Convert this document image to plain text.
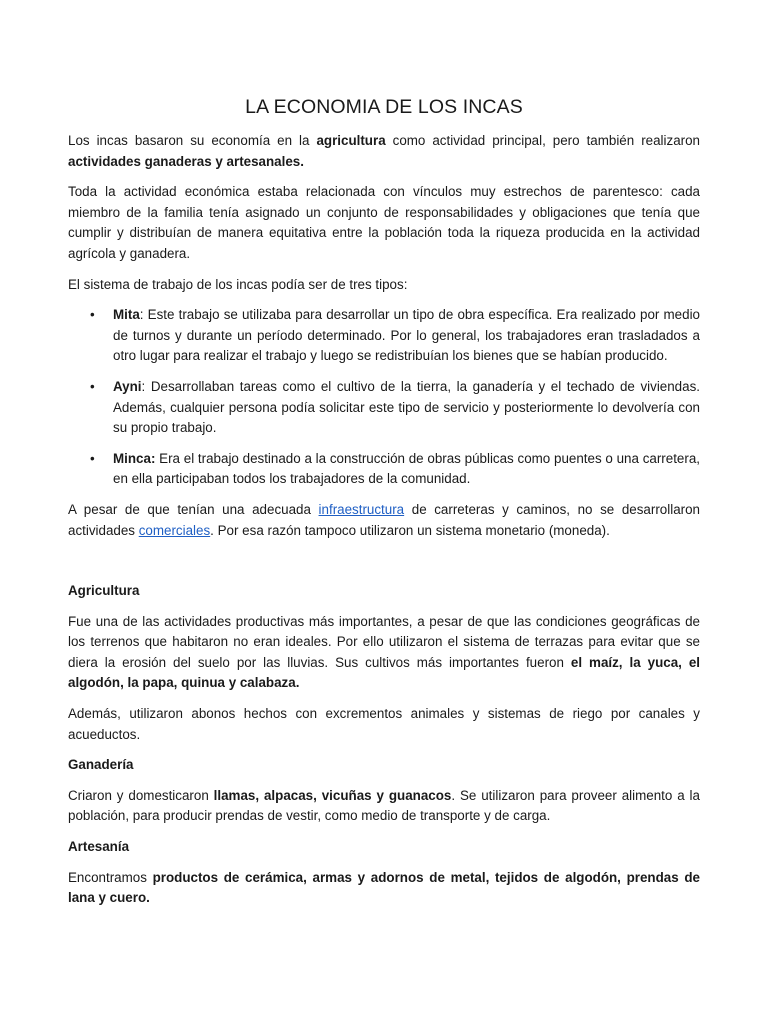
LA ECONOMIA DE LOS INCAS

Los incas basaron su economía en la agricultura como actividad principal, pero también realizaron actividades ganaderas y artesanales.

Toda la actividad económica estaba relacionada con vínculos muy estrechos de parentesco: cada miembro de la familia tenía asignado un conjunto de responsabilidades y obligaciones que tenía que cumplir y distribuían de manera equitativa entre la población toda la riqueza producida en la actividad agrícola y ganadera.

El sistema de trabajo de los incas podía ser de tres tipos:

• Mita: Este trabajo se utilizaba para desarrollar un tipo de obra específica. Era realizado por medio de turnos y durante un período determinado. Por lo general, los trabajadores eran trasladados a otro lugar para realizar el trabajo y luego se redistribuían los bienes que se habían producido.
• Ayni: Desarrollaban tareas como el cultivo de la tierra, la ganadería y el techado de viviendas. Además, cualquier persona podía solicitar este tipo de servicio y posteriormente lo devolvería con su propio trabajo.
• Minca: Era el trabajo destinado a la construcción de obras públicas como puentes o una carretera, en ella participaban todos los trabajadores de la comunidad.

A pesar de que tenían una adecuada infraestructura de carreteras y caminos, no se desarrollaron actividades comerciales. Por esa razón tampoco utilizaron un sistema monetario (moneda).

Agricultura

Fue una de las actividades productivas más importantes, a pesar de que las condiciones geográficas de los terrenos que habitaron no eran ideales. Por ello utilizaron el sistema de terrazas para evitar que se diera la erosión del suelo por las lluvias. Sus cultivos más importantes fueron el maíz, la yuca, el algodón, la papa, quinua y calabaza.

Además, utilizaron abonos hechos con excrementos animales y sistemas de riego por canales y acueductos.

Ganadería

Criaron y domesticaron llamas, alpacas, vicuñas y guanacos. Se utilizaron para proveer alimento a la población, para producir prendas de vestir, como medio de transporte y de carga.

Artesanía

Encontramos productos de cerámica, armas y adornos de metal, tejidos de algodón, prendas de lana y cuero.
